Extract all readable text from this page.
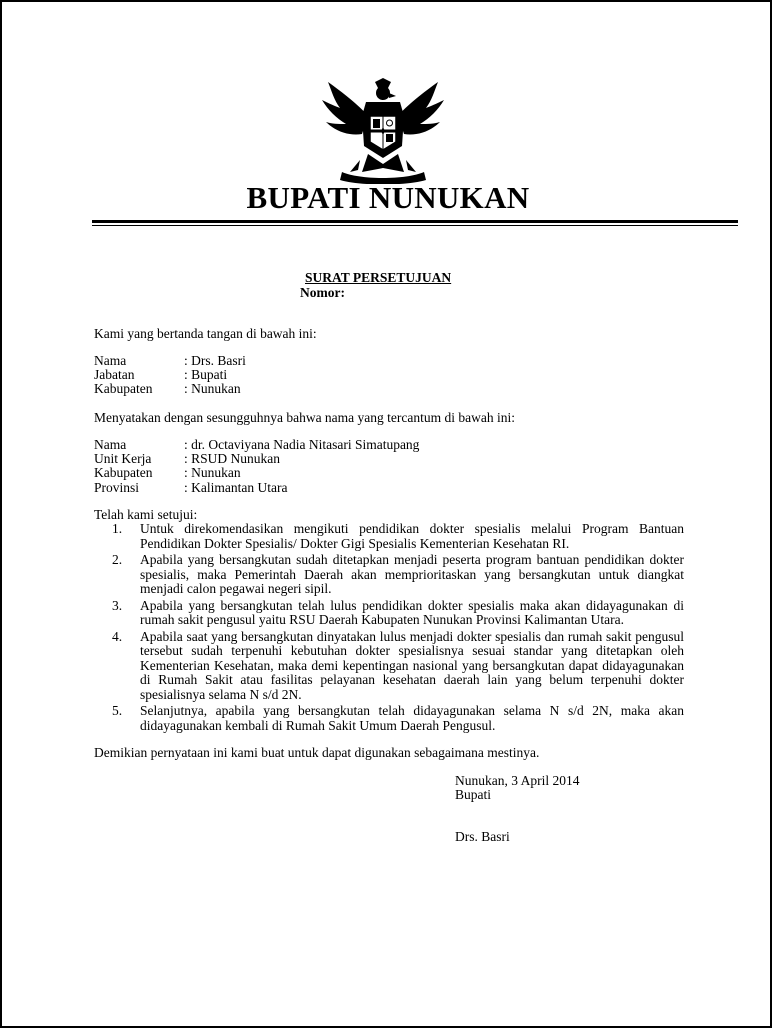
BUPATI NUNUKAN
SURAT PERSETUJUAN
Nomor:
Kami yang bertanda tangan di bawah ini:
Nama	: Drs. Basri
Jabatan	: Bupati
Kabupaten : Nunukan
Menyatakan dengan sesungguhnya bahwa nama yang tercantum di bawah ini:
Nama	: dr. Octaviyana Nadia Nitasari Simatupang
Unit Kerja : RSUD Nunukan
Kabupaten : Nunukan
Provinsi	: Kalimantan Utara
Telah kami setujui:
1.	Untuk direkomendasikan mengikuti pendidikan dokter spesialis melalui Program Bantuan Pendidikan Dokter Spesialis/ Dokter Gigi Spesialis Kementerian Kesehatan RI.
2.	Apabila yang bersangkutan sudah ditetapkan menjadi peserta program bantuan pendidikan dokter spesialis, maka Pemerintah Daerah akan memprioritaskan yang bersangkutan untuk diangkat menjadi calon pegawai negeri sipil.
3.	Apabila yang bersangkutan telah lulus pendidikan dokter spesialis maka akan didayagunakan di rumah sakit pengusul yaitu RSU Daerah Kabupaten Nunukan Provinsi Kalimantan Utara.
4.	Apabila saat yang bersangkutan dinyatakan lulus menjadi dokter spesialis dan rumah sakit pengusul tersebut sudah terpenuhi kebutuhan dokter spesialisnya sesuai standar yang ditetapkan oleh Kementerian Kesehatan, maka demi kepentingan nasional yang bersangkutan dapat didayagunakan di Rumah Sakit atau fasilitas pelayanan kesehatan daerah lain yang belum terpenuhi dokter spesialisnya selama N s/d 2N.
5.	Selanjutnya, apabila yang bersangkutan telah didayagunakan selama N s/d 2N, maka akan didayagunakan kembali di Rumah Sakit Umum Daerah Pengusul.
Demikian pernyataan ini kami buat untuk dapat digunakan sebagaimana mestinya.
Nunukan, 3 April 2014
Bupati
Drs. Basri
